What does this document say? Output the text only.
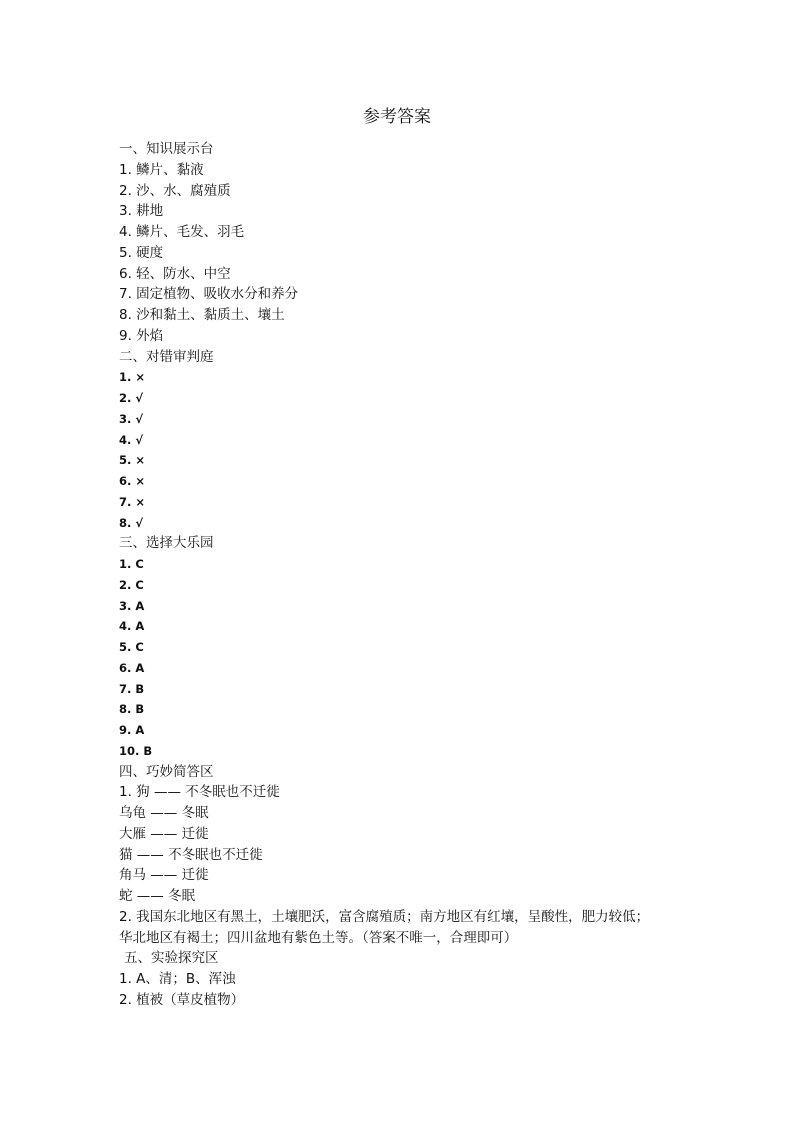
参考答案
一、知识展示台
1. 鳞片、黏液
2. 沙、水、腐殖质
3. 耕地
4. 鳞片、毛发、羽毛
5. 硬度
6. 轻、防水、中空
7. 固定植物、吸收水分和养分
8. 沙和黏土、黏质土、壤土
9. 外焰
二、对错审判庭
1. ×
2. √
3. √
4. √
5. ×
6. ×
7. ×
8. √
三、选择大乐园
1. C
2. C
3. A
4. A
5. C
6. A
7. B
8. B
9. A
10. B
四、巧妙简答区
1. 狗 —— 不冬眠也不迁徙
乌龟 —— 冬眠
大雁 —— 迁徙
猫 —— 不冬眠也不迁徙
角马 —— 迁徙
蛇 —— 冬眠
2. 我国东北地区有黑土，土壤肥沃，富含腐殖质；南方地区有红壤，呈酸性，肥力较低；
华北地区有褐土；四川盆地有紫色土等。（答案不唯一，合理即可）
五、实验探究区
1. A、清；B、浑浊
2. 植被（草皮植物）
